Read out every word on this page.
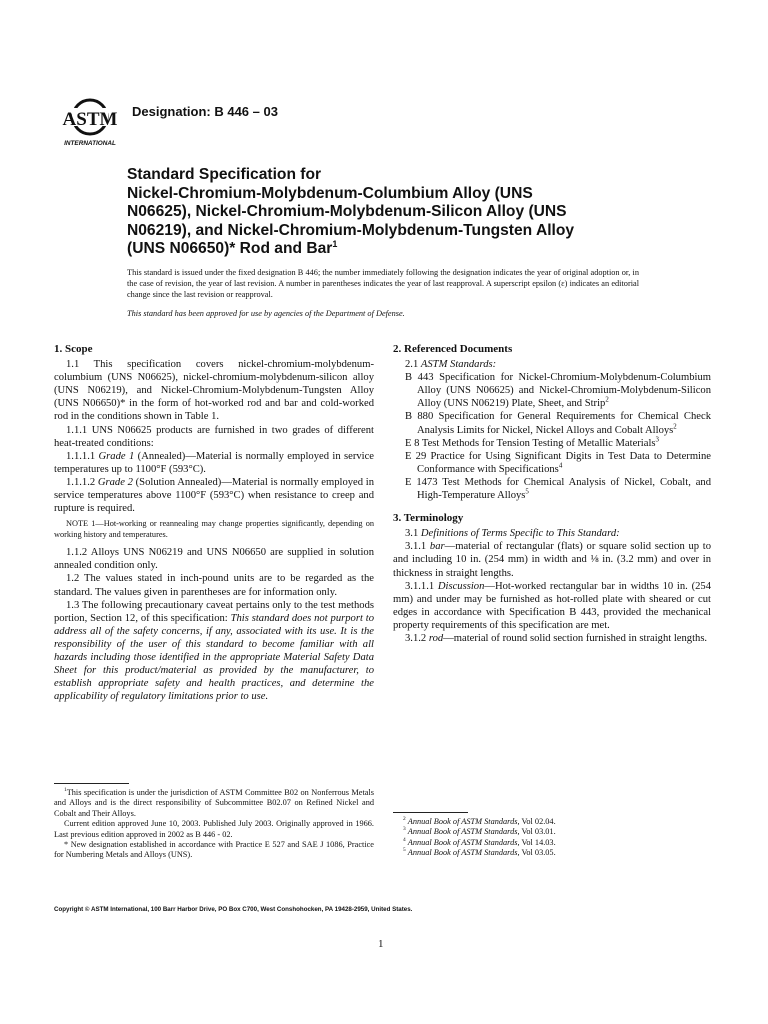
ASTM
INTERNATIONAL
Designation: B 446 – 03
Standard Specification for
Nickel-Chromium-Molybdenum-Columbium Alloy (UNS
N06625), Nickel-Chromium-Molybdenum-Silicon Alloy (UNS
N06219), and Nickel-Chromium-Molybdenum-Tungsten Alloy
(UNS N06650)* Rod and Bar$^1$
This standard is issued under the fixed designation B 446; the number immediately following the designation indicates the year of original adoption or, in the case of revision, the year of last revision. A number in parentheses indicates the year of last reapproval. A superscript epsilon (ε) indicates an editorial change since the last revision or reapproval.
This standard has been approved for use by agencies of the Department of Defense.

1. Scope

1.1 This specification covers nickel-chromium-molybdenum-columbium (UNS N06625), nickel-chromium-molybdenum-silicon alloy (UNS N06219), and Nickel-Chromium-Molybdenum-Tungsten Alloy (UNS N06650)* in the form of hot-worked rod and bar and cold-worked rod in the conditions shown in Table 1.

1.1.1 UNS N06625 products are furnished in two grades of different heat-treated conditions:

1.1.1.1 Grade 1 (Annealed)—Material is normally employed in service temperatures up to 1100°F (593°C).

1.1.1.2 Grade 2 (Solution Annealed)—Material is normally employed in service temperatures above 1100°F (593°C) when resistance to creep and rupture is required.

NOTE 1—Hot-working or reannealing may change properties significantly, depending on working history and temperatures.

1.1.2 Alloys UNS N06219 and UNS N06650 are supplied in solution annealed condition only.

1.2 The values stated in inch-pound units are to be regarded as the standard. The values given in parentheses are for information only.

1.3 The following precautionary caveat pertains only to the test methods portion, Section 12, of this specification: This standard does not purport to address all of the safety concerns, if any, associated with its use. It is the responsibility of the user of this standard to become familiar with all hazards including those identified in the appropriate Material Safety Data Sheet for this product/material as provided by the manufacturer, to establish appropriate safety and health practices, and determine the applicability of regulatory limitations prior to use.

2. Referenced Documents

2.1 ASTM Standards:

B 443 Specification for Nickel-Chromium-Molybdenum-Columbium Alloy (UNS N06625) and Nickel-Chromium-Molybdenum-Silicon Alloy (UNS N06219) Plate, Sheet, and Strip$^2$

B 880 Specification for General Requirements for Chemical Check Analysis Limits for Nickel, Nickel Alloys and Cobalt Alloys$^2$

E 8 Test Methods for Tension Testing of Metallic Materials$^3$

E 29 Practice for Using Significant Digits in Test Data to Determine Conformance with Specifications$^4$

E 1473 Test Methods for Chemical Analysis of Nickel, Cobalt, and High-Temperature Alloys$^5$

3. Terminology

3.1 Definitions of Terms Specific to This Standard:

3.1.1 bar—material of rectangular (flats) or square solid section up to and including 10 in. (254 mm) in width and ⅛ in. (3.2 mm) and over in thickness in straight lengths.

3.1.1.1 Discussion—Hot-worked rectangular bar in widths 10 in. (254 mm) and under may be furnished as hot-rolled plate with sheared or cut edges in accordance with Specification B 443, provided the mechanical property requirements of this specification are met.

3.1.2 rod—material of round solid section furnished in straight lengths.

$^1$This specification is under the jurisdiction of ASTM Committee B02 on Nonferrous Metals and Alloys and is the direct responsibility of Subcommittee B02.07 on Refined Nickel and Cobalt and Their Alloys.

Current edition approved June 10, 2003. Published July 2003. Originally approved in 1966. Last previous edition approved in 2002 as B 446 - 02.

* New designation established in accordance with Practice E 527 and SAE J 1086, Practice for Numbering Metals and Alloys (UNS).

$^2$ Annual Book of ASTM Standards, Vol 02.04.

$^3$ Annual Book of ASTM Standards, Vol 03.01.

$^4$ Annual Book of ASTM Standards, Vol 14.03.

$^5$ Annual Book of ASTM Standards, Vol 03.05.

Copyright © ASTM International, 100 Barr Harbor Drive, PO Box C700, West Conshohocken, PA 19428-2959, United States.
1
